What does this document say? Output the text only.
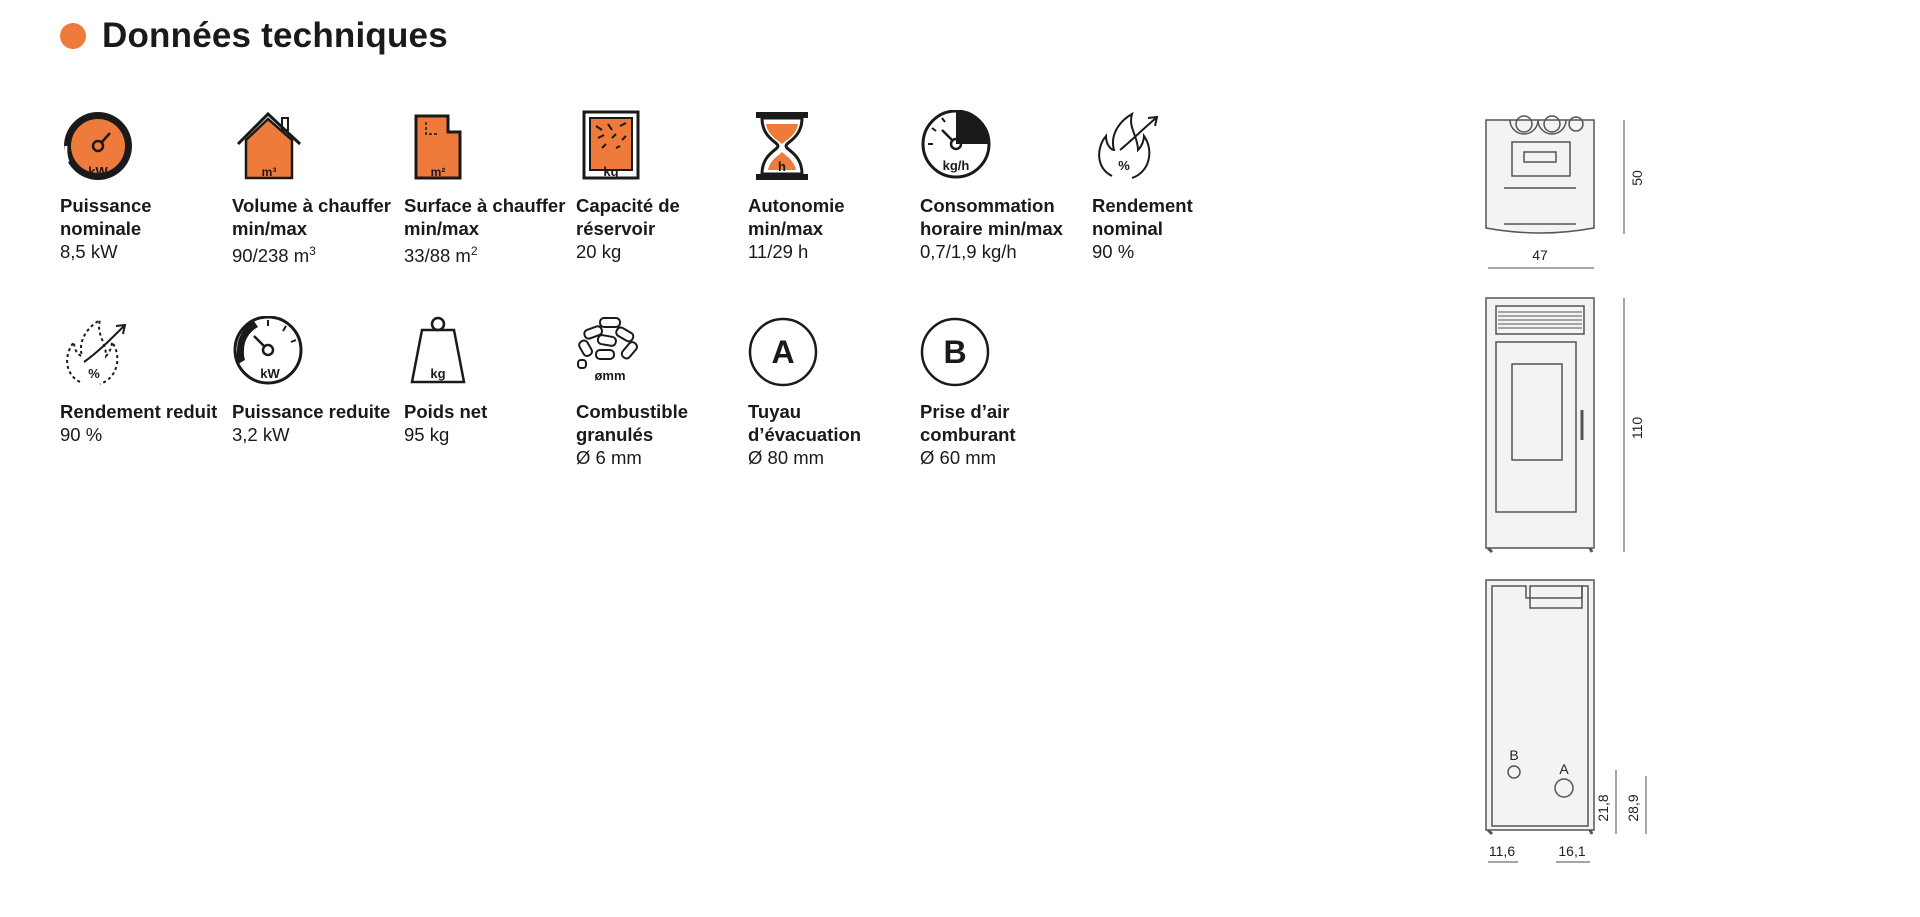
Données techniques
kW
Puissance nominale
8,5 kW
m³
Volume à chauffer min/max
90/238 $m^3$
m²
Surface à chauffer min/max
33/88 $m^2$
kg
Capacité de réservoir
20 kg
h
Autonomie min/max
11/29 h
kg/h
Consommation horaire min/max
0,7/1,9 kg/h
%
Rendement nominal
90 %
%
Rendement reduit
90 %
kW
Puissance reduite
3,2 kW
kg
Poids net
95 kg
ømm
Combustible granulés
Ø 6 mm
A
Tuyau d’évacuation
Ø 80 mm
B
Prise d’air comburant
Ø 60 mm
50
47
110
B
A
21,8 28,9
11,6	16,1
